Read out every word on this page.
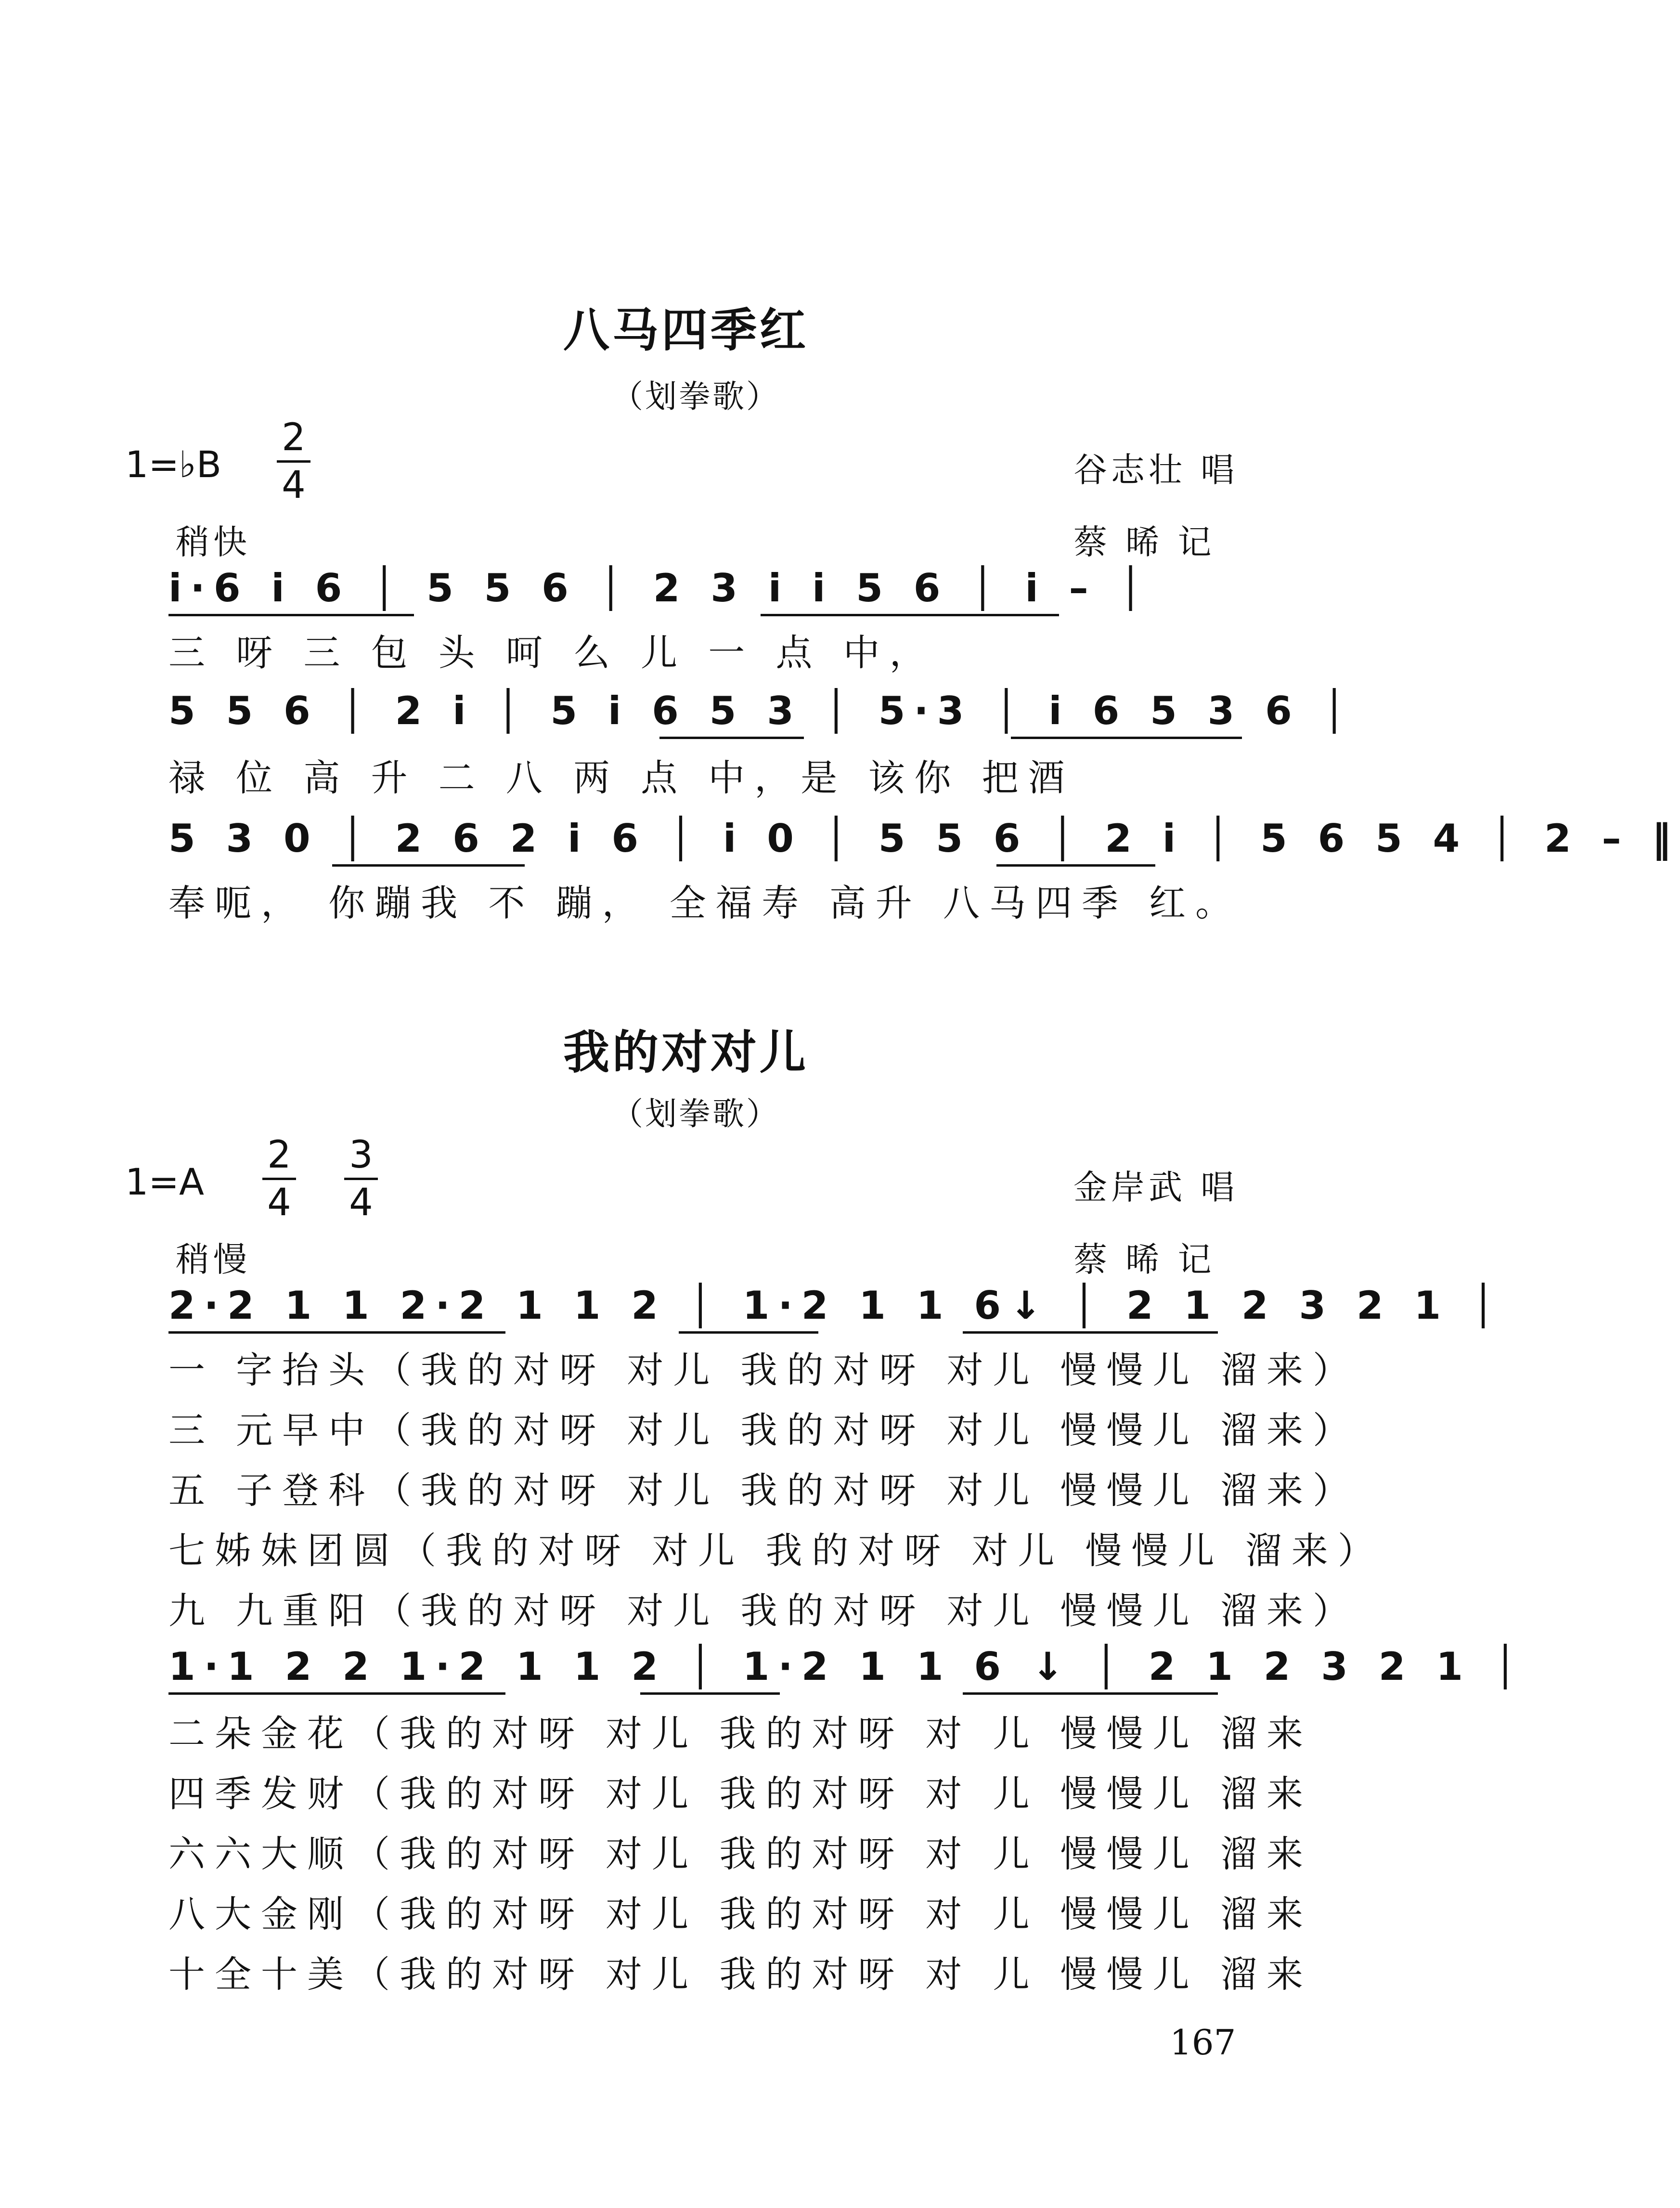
八马四季红
（划拳歌）
1=♭B
2
4	谷志壮 唱
蔡 晞 记
稍快
i·6 i 6 │ 5 5 6 │ 2 3 i i 5 6 │ i – │
三 呀 三 包 头 呵 么 儿 一 点 中，
5 5 6 │ 2 i │ 5 i 6 5 3 │ 5·3 │ i 6 5 3 6 │
禄 位 高 升 二 八 两 点 中，是 该你 把酒
5 3 0 │ 2 6 2 i 6 │ i 0 │ 5 5 6 │ 2 i │ 5 6 5 4 │ 2 – ‖
奉呃， 你蹦我 不 蹦， 全福寿 高升 八马四季 红。
我的对对儿
（划拳歌）
1=A
2
4
3
4	金岸武 唱
蔡 晞 记
稍慢
2·2 1 1 2·2 1 1 2 │ 1·2 1 1 6↓ │ 2 1 2 3 2 1 │
一 字抬头（我的对呀 对儿 我的对呀 对儿 慢慢儿 溜来）
三 元早中（我的对呀 对儿 我的对呀 对儿 慢慢儿 溜来）
五 子登科（我的对呀 对儿 我的对呀 对儿 慢慢儿 溜来）
七姊妹团圆（我的对呀 对儿 我的对呀 对儿 慢慢儿 溜来）
九 九重阳（我的对呀 对儿 我的对呀 对儿 慢慢儿 溜来）
1·1 2 2 1·2 1 1 2 │ 1·2 1 1 6 ↓ │ 2 1 2 3 2 1 │
二朵金花（我的对呀 对儿 我的对呀 对 儿 慢慢儿 溜来
四季发财（我的对呀 对儿 我的对呀 对 儿 慢慢儿 溜来
六六大顺（我的对呀 对儿 我的对呀 对 儿 慢慢儿 溜来
八大金刚（我的对呀 对儿 我的对呀 对 儿 慢慢儿 溜来
十全十美（我的对呀 对儿 我的对呀 对 儿 慢慢儿 溜来
167
